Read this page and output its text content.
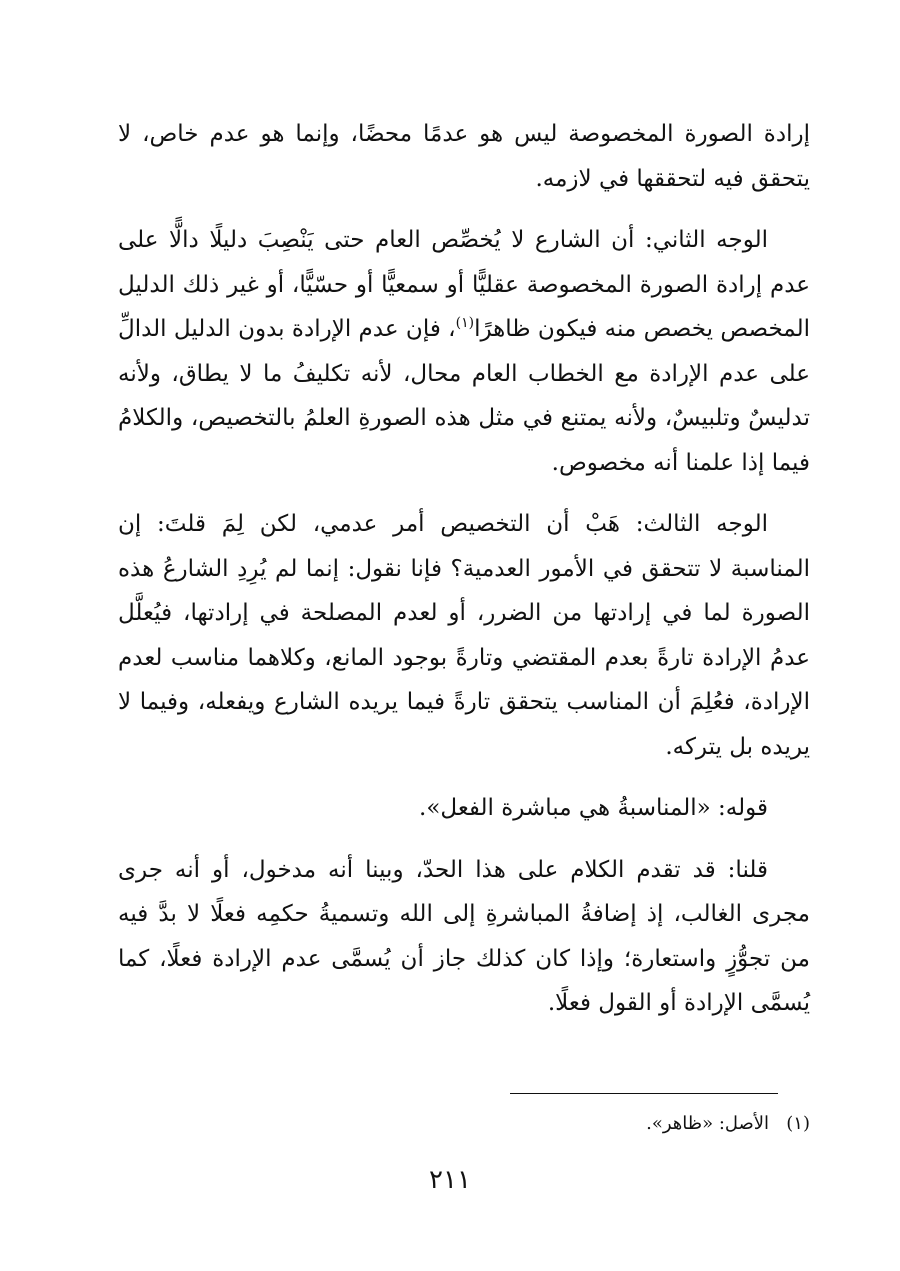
إرادة الصورة المخصوصة ليس هو عدمًا محضًا، وإنما هو عدم خاص، لا يتحقق فيه لتحققها في لازمه.

الوجه الثاني: أن الشارع لا يُخصِّص العام حتى يَنْصِبَ دليلًا دالًّا على عدم إرادة الصورة المخصوصة عقليًّا أو سمعيًّا أو حسّيًّا، أو غير ذلك الدليل المخصص يخصص منه فيكون ظاهرًا$^{(١)}$، فإن عدم الإرادة بدون الدليل الدالِّ على عدم الإرادة مع الخطاب العام محال، لأنه تكليفُ ما لا يطاق، ولأنه تدليسٌ وتلبيسٌ، ولأنه يمتنع في مثل هذه الصورةِ العلمُ بالتخصيص، والكلامُ فيما إذا علمنا أنه مخصوص.

الوجه الثالث: هَبْ أن التخصيص أمر عدمي، لكن لِمَ قلتَ: إن المناسبة لا تتحقق في الأمور العدمية؟ فإنا نقول: إنما لم يُرِدِ الشارعُ هذه الصورة لما في إرادتها من الضرر، أو لعدم المصلحة في إرادتها، فيُعلَّل عدمُ الإرادة تارةً بعدم المقتضي وتارةً بوجود المانع، وكلاهما مناسب لعدم الإرادة، فعُلِمَ أن المناسب يتحقق تارةً فيما يريده الشارع ويفعله، وفيما لا يريده بل يتركه.

قوله: «المناسبةُ هي مباشرة الفعل».

قلنا: قد تقدم الكلام على هذا الحدّ، وبينا أنه مدخول، أو أنه جرى مجرى الغالب، إذ إضافةُ المباشرةِ إلى الله وتسميةُ حكمِه فعلًا لا بدَّ فيه من تجوُّزٍ واستعارة؛ وإذا كان كذلك جاز أن يُسمَّى عدم الإرادة فعلًا، كما يُسمَّى الإرادة أو القول فعلًا.

(١)   الأصل: «ظاهر».
٢١١
